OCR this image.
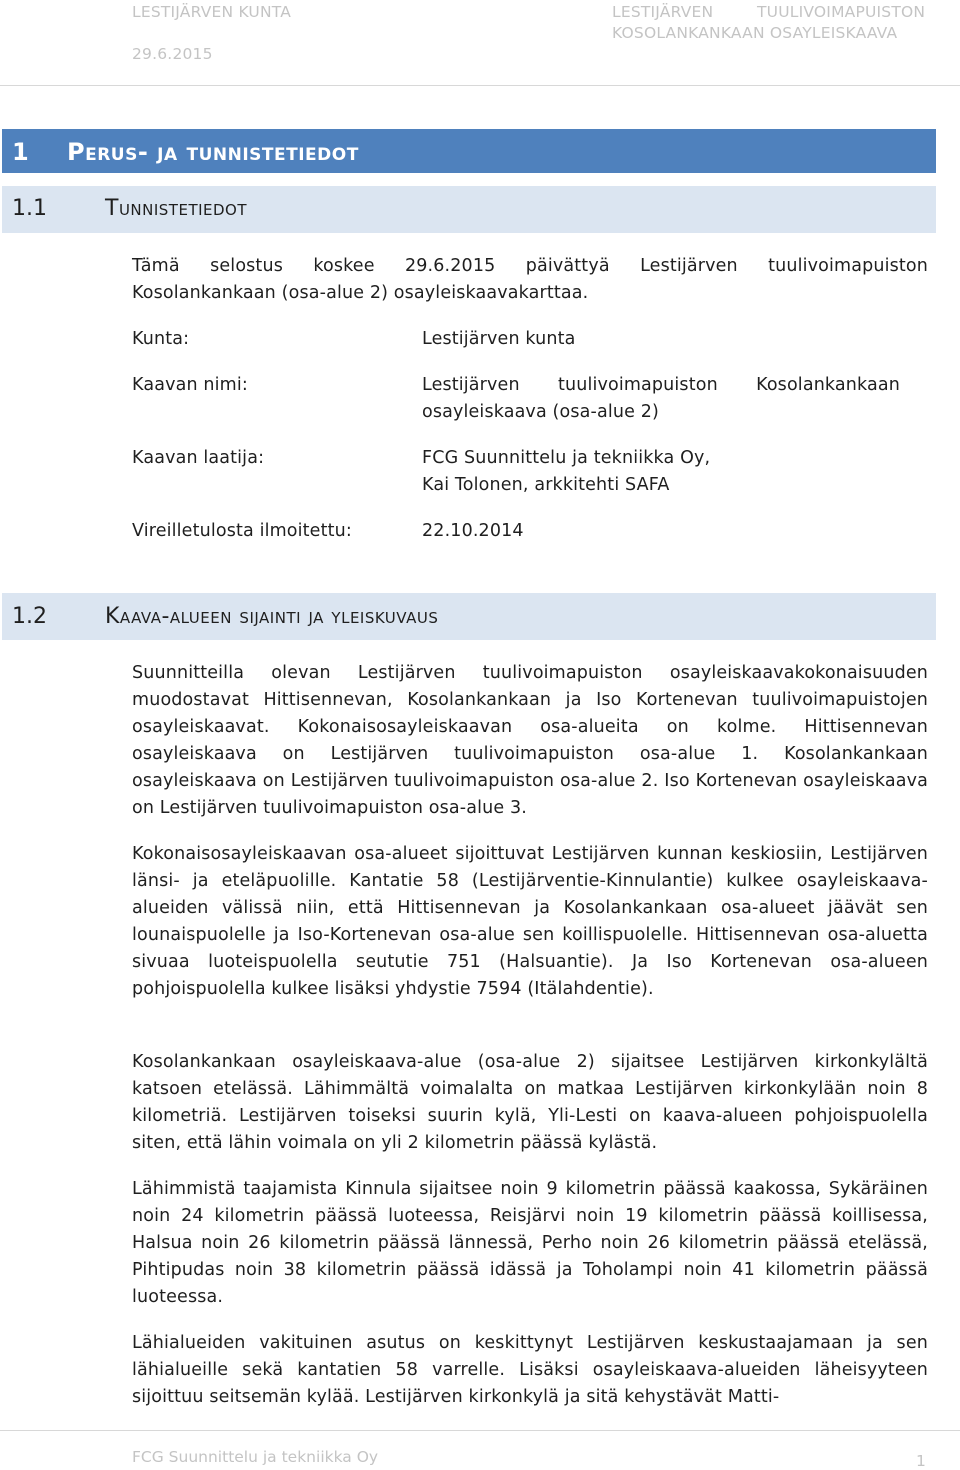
LESTIJÄRVEN KUNTA
29.6.2015
LESTIJÄRVEN	TUULIVOIMAPUISTON
KOSOLANKANKAAN OSAYLEISKAAVA
1 Perus- ja tunnistetiedot
1.1	Tunnistetiedot
Tämä selostus koskee 29.6.2015 päivättyä Lestijärven tuulivoimapuiston Kosolankankaan (osa-alue 2) osayleiskaavakarttaa.
Kunta:	Lestijärven kunta
Kaavan nimi:	Lestijärven tuulivoimapuiston Kosolankankaan osayleiskaava (osa-alue 2)
Kaavan laatija:	FCG Suunnittelu ja tekniikka Oy,
Kai Tolonen, arkkitehti SAFA
Vireilletulosta ilmoitettu:	22.10.2014
1.2	Kaava-alueen sijainti ja yleiskuvaus
Suunnitteilla olevan Lestijärven tuulivoimapuiston osayleiskaavakokonaisuuden muodostavat Hittisennevan, Kosolankankaan ja Iso Kortenevan tuulivoimapuistojen osayleiskaavat. Kokonaisosayleiskaavan osa-alueita on kolme. Hittisennevan osayleiskaava on Lestijärven tuulivoimapuiston osa-alue 1. Kosolankankaan osayleiskaava on Lestijärven tuulivoimapuiston osa-alue 2. Iso Kortenevan osayleiskaava on Lestijärven tuulivoimapuiston osa-alue 3.
Kokonaisosayleiskaavan osa-alueet sijoittuvat Lestijärven kunnan keskiosiin, Lestijärven länsi- ja eteläpuolille. Kantatie 58 (Lestijärventie-Kinnulantie) kulkee osayleiskaava-alueiden välissä niin, että Hittisennevan ja Kosolankankaan osa-alueet jäävät sen lounaispuolelle ja Iso-Kortenevan osa-alue sen koillispuolelle. Hittisennevan osa-aluetta sivuaa luoteispuolella seututie 751 (Halsuantie). Ja Iso Kortenevan osa-alueen pohjoispuolella kulkee lisäksi yhdystie 7594 (Itälahdentie).
Kosolankankaan osayleiskaava-alue (osa-alue 2) sijaitsee Lestijärven kirkonkylältä katsoen etelässä. Lähimmältä voimalalta on matkaa Lestijärven kirkonkylään noin 8 kilometriä. Lestijärven toiseksi suurin kylä, Yli-Lesti on kaava-alueen pohjoispuolella siten, että lähin voimala on yli 2 kilometrin päässä kylästä.
Lähimmistä taajamista Kinnula sijaitsee noin 9 kilometrin päässä kaakossa, Sykäräinen noin 24 kilometrin päässä luoteessa, Reisjärvi noin 19 kilometrin päässä koillisessa, Halsua noin 26 kilometrin päässä lännessä, Perho noin 26 kilometrin päässä etelässä, Pihtipudas noin 38 kilometrin päässä idässä ja Toholampi noin 41 kilometrin päässä luoteessa.
Lähialueiden vakituinen asutus on keskittynyt Lestijärven keskustaajamaan ja sen lähialueille sekä kantatien 58 varrelle. Lisäksi osayleiskaava-alueiden läheisyyteen sijoittuu seitsemän kylää. Lestijärven kirkonkylä ja sitä kehystävät Matti-
FCG Suunnittelu ja tekniikka Oy	1
